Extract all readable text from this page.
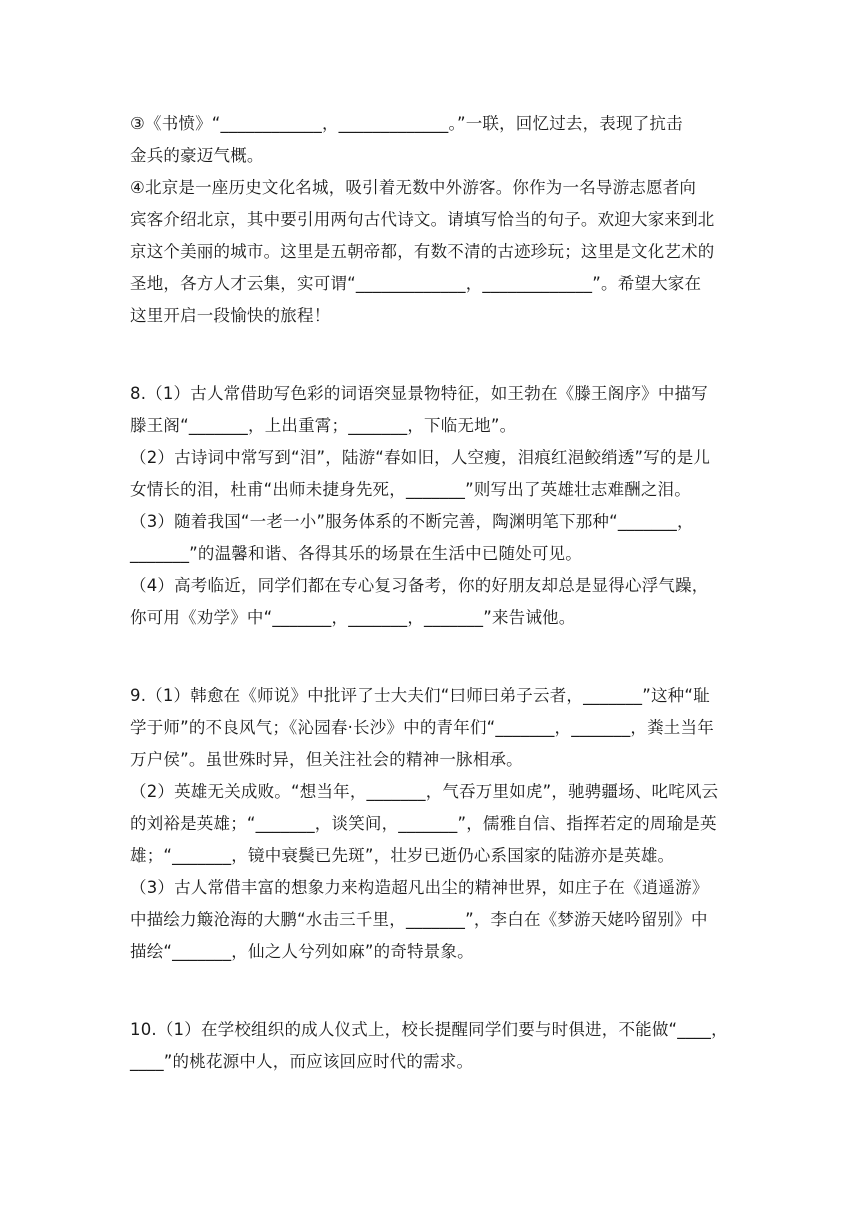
③《书愤》“____________，_____________。”一联，回忆过去，表现了抗击
金兵的豪迈气概。
④北京是一座历史文化名城，吸引着无数中外游客。你作为一名导游志愿者向
宾客介绍北京，其中要引用两句古代诗文。请填写恰当的句子。欢迎大家来到北
京这个美丽的城市。这里是五朝帝都，有数不清的古迹珍玩；这里是文化艺术的
圣地，各方人才云集，实可谓“_____________，_____________”。希望大家在
这里开启一段愉快的旅程！
8.（1）古人常借助写色彩的词语突显景物特征，如王勃在《滕王阁序》中描写
滕王阁“_______，上出重霄；_______，下临无地”。
（2）古诗词中常写到“泪”，陆游“春如旧，人空瘦，泪痕红浥鲛绡透”写的是儿
女情长的泪，杜甫“出师未捷身先死，_______”则写出了英雄壮志难酬之泪。
（3）随着我国“一老一小”服务体系的不断完善，陶渊明笔下那种“_______，
_______”的温馨和谐、各得其乐的场景在生活中已随处可见。
（4）高考临近，同学们都在专心复习备考，你的好朋友却总是显得心浮气躁，
你可用《劝学》中“_______，_______，_______”来告诫他。
9.（1）韩愈在《师说》中批评了士大夫们“曰师曰弟子云者，_______”这种“耻
学于师”的不良风气；《沁园春·长沙》中的青年们“_______，_______，粪土当年
万户侯”。虽世殊时异，但关注社会的精神一脉相承。
（2）英雄无关成败。“想当年，_______，气吞万里如虎”，驰骋疆场、叱咤风云
的刘裕是英雄；“_______，谈笑间，_______”，儒雅自信、指挥若定的周瑜是英
雄；“_______，镜中衰鬓已先斑”，壮岁已逝仍心系国家的陆游亦是英雄。
（3）古人常借丰富的想象力来构造超凡出尘的精神世界，如庄子在《逍遥游》
中描绘力簸沧海的大鹏“水击三千里，_______”，李白在《梦游天姥吟留别》中
描绘“_______，仙之人兮列如麻”的奇特景象。
10.（1）在学校组织的成人仪式上，校长提醒同学们要与时俱进，不能做“____，
____”的桃花源中人，而应该回应时代的需求。
